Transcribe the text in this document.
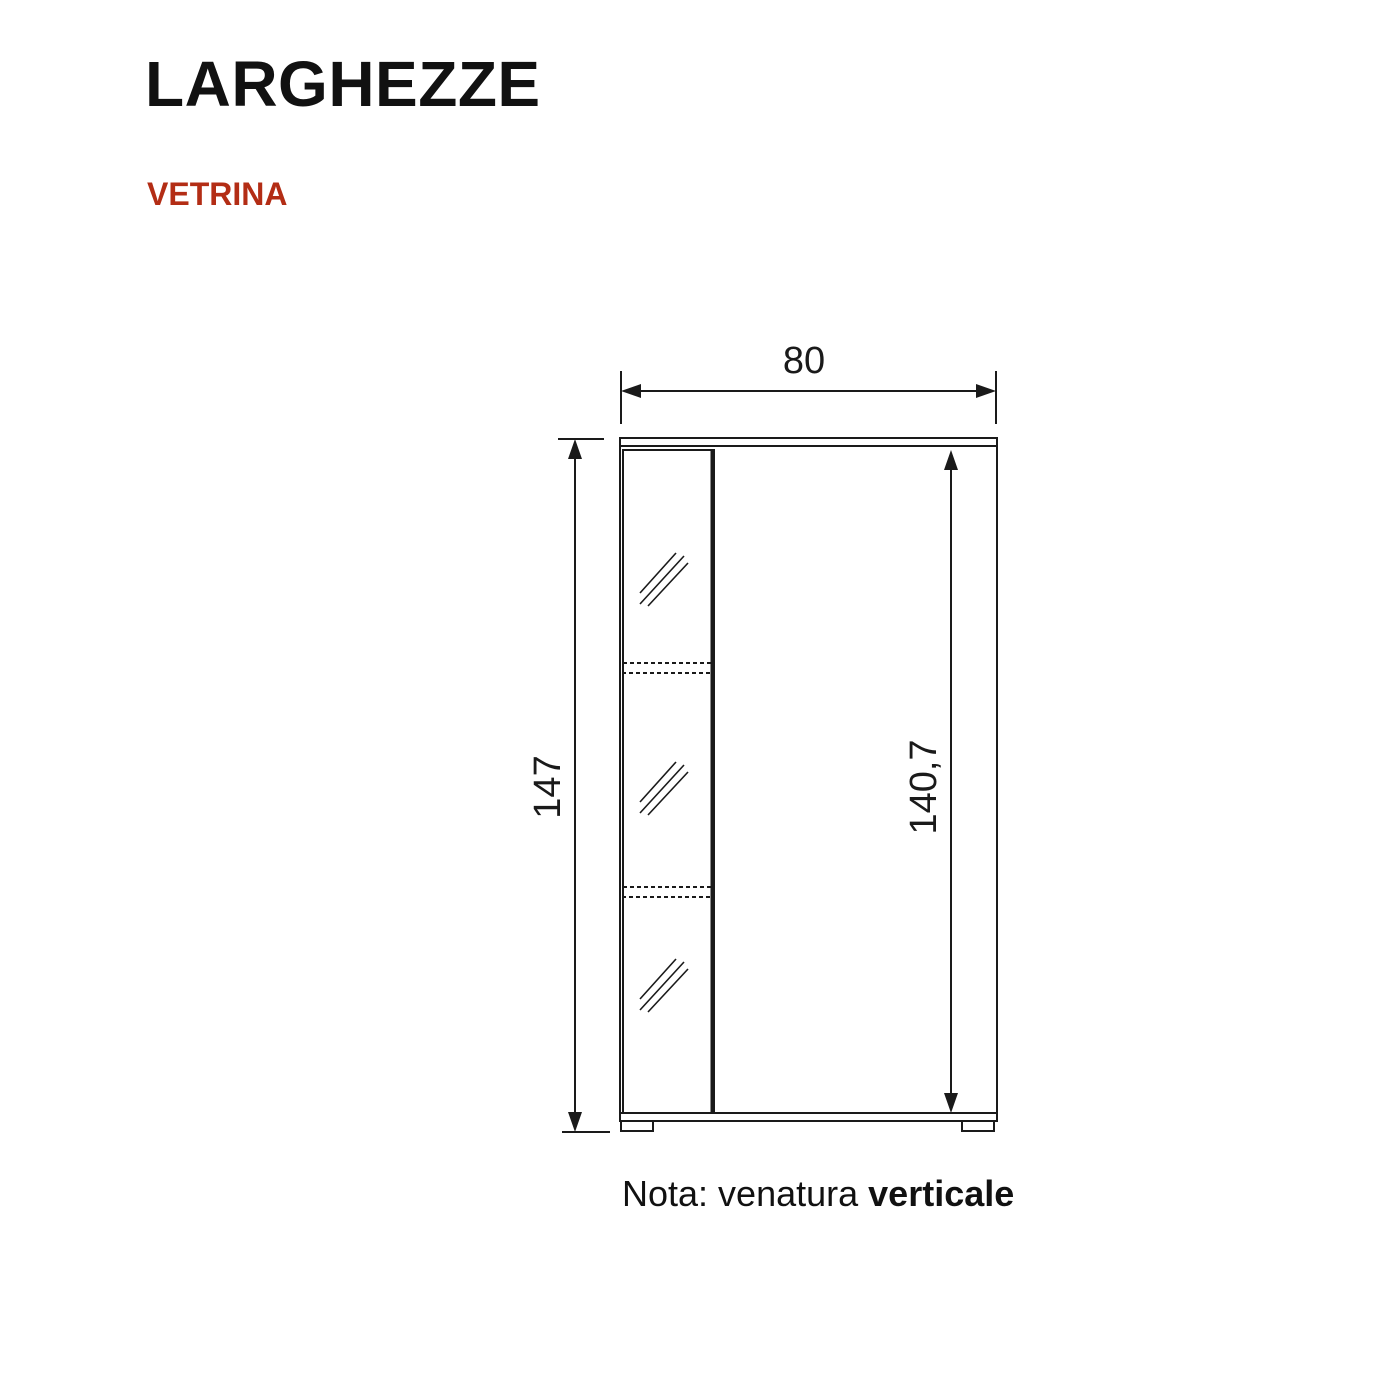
LARGHEZZE
VETRINA
80
147	140,7

Nota: venatura verticale
